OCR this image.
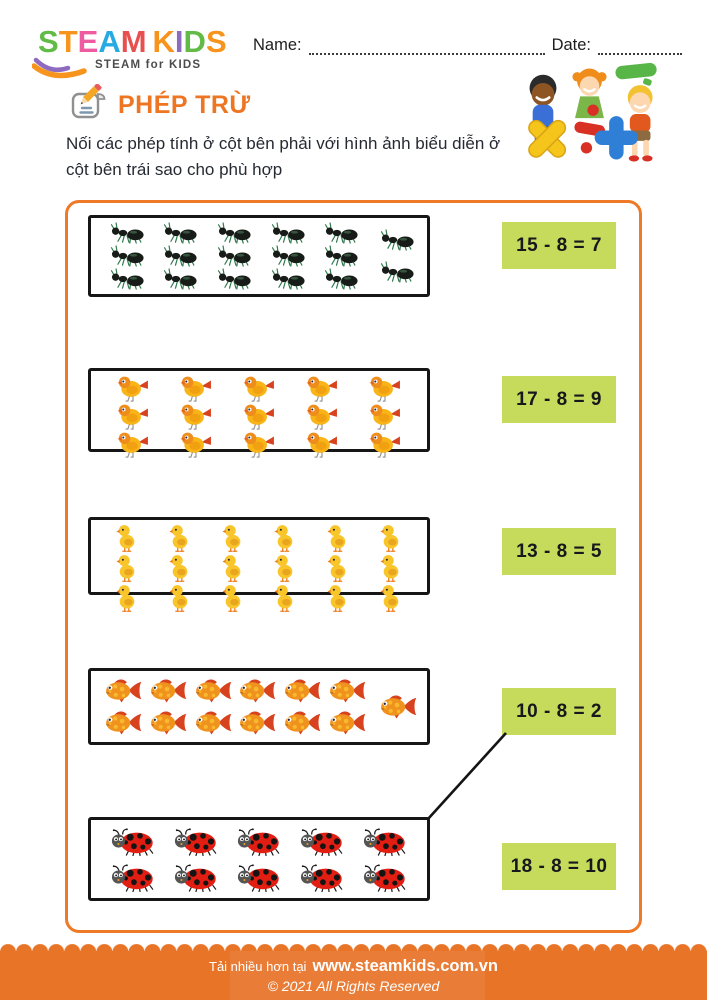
STEAM KIDS
STEAM for KIDS
Name:	Date:
PHÉP TRỪ
Nối các phép tính ở cột bên phải với hình ảnh biểu diễn ở cột bên trái sao cho phù hợp
15 - 8 = 7
17 - 8 = 9
13 - 8 = 5
10 - 8 = 2
18 - 8 = 10
Tải nhiều hơn tại www.steamkids.com.vn
© 2021 All Rights Reserved
